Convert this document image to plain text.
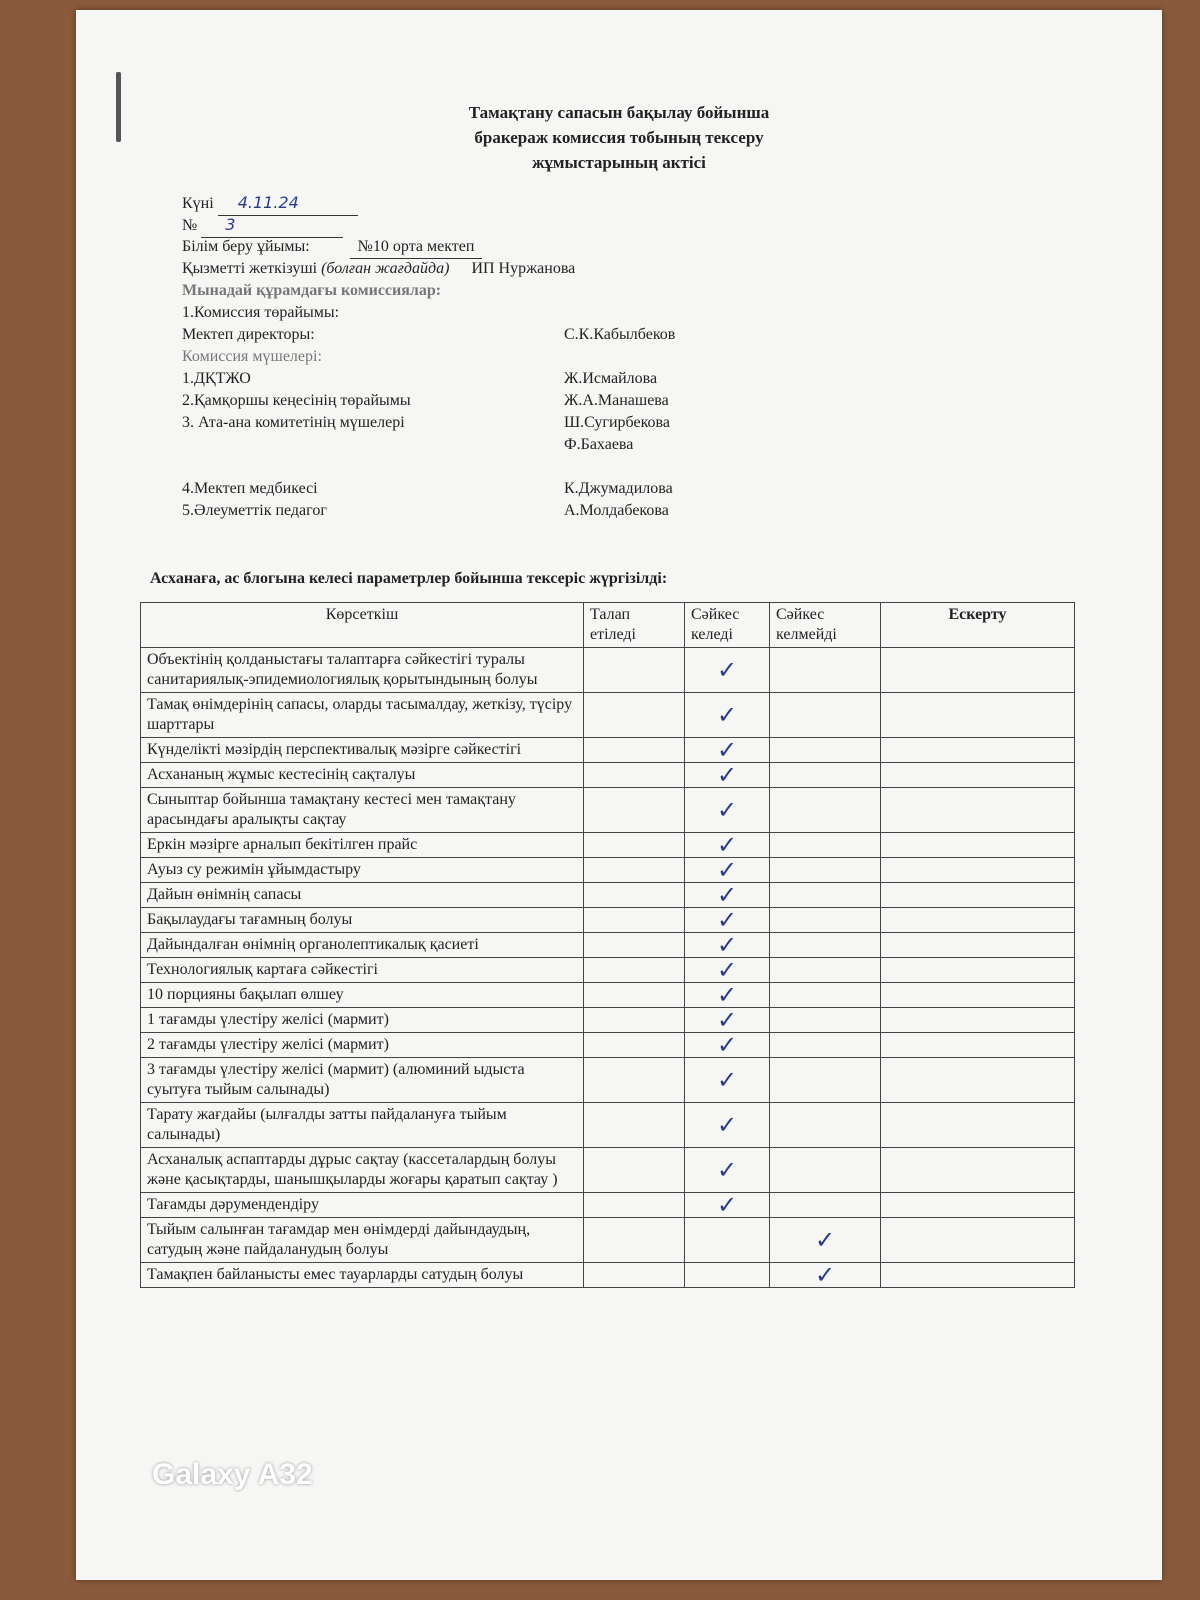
Тамақтану сапасын бақылау бойынша
бракераж комиссия тобының тексеру
жұмыстарының актісі
Күні 4.11.24
№ 3
Білім беру ұйымы:	№10 орта мектеп
Қызметті жеткізуші (болған жағдайда) ИП Нуржанова
Мынадай құрамдағы комиссиялар:
1.Комиссия төрайымы:
Мектеп директоры:	С.К.Кабылбеков
Комиссия мүшелері:
1.ДҚТЖО	Ж.Исмайлова
2.Қамқоршы кеңесінің төрайымы	Ж.А.Манашева
3. Ата-ана комитетінің мүшелері	Ш.Сугирбекова
Ф.Бахаева
4.Мектеп медбикесі	К.Джумадилова
5.Әлеуметтік педагог	А.Молдабекова
Асханаға, ас блогына келесі параметрлер бойынша тексеріс жүргізілді:
Көрсеткіш	Талап етіледі	Сәйкес келеді	Сәйкес келмейді	Ескерту
Объектінің қолданыстағы талаптарға сәйкестігі туралы санитариялық-эпидемиологиялық қорытындының болуы		✓		
Тамақ өнімдерінің сапасы, оларды тасымалдау, жеткізу, түсіру шарттары		✓		
Күнделікті мәзірдің перспективалық мәзірге сәйкестігі		✓		
Асхананың жұмыс кестесінің сақталуы		✓		
Сыныптар бойынша тамақтану кестесі мен тамақтану арасындағы аралықты сақтау		✓		
Еркін мәзірге арналып бекітілген прайс		✓		
Ауыз су режимін ұйымдастыру		✓		
Дайын өнімнің сапасы		✓		
Бақылаудағы тағамның болуы		✓		
Дайындалған өнімнің органолептикалық қасиеті		✓		
Технологиялық картаға сәйкестігі		✓		
10 порцияны бақылап өлшеу		✓		
1 тағамды үлестіру желісі (мармит)		✓		
2 тағамды үлестіру желісі (мармит)		✓		
3 тағамды үлестіру желісі (мармит) (алюминий ыдыста суытуға тыйым салынады)		✓		
Тарату жағдайы (ылғалды затты пайдалануға тыйым салынады)		✓		
Асханалық аспаптарды дұрыс сақтау (кассеталардың болуы және қасықтарды, шанышқыларды жоғары қаратып сақтау )		✓		
Тағамды дәрумендендіру		✓		
Тыйым салынған тағамдар мен өнімдерді дайындаудың, сатудың және пайдаланудың болуы			✓	
Тамақпен байланысты емес тауарларды сатудың болуы			✓	
Galaxy A32
